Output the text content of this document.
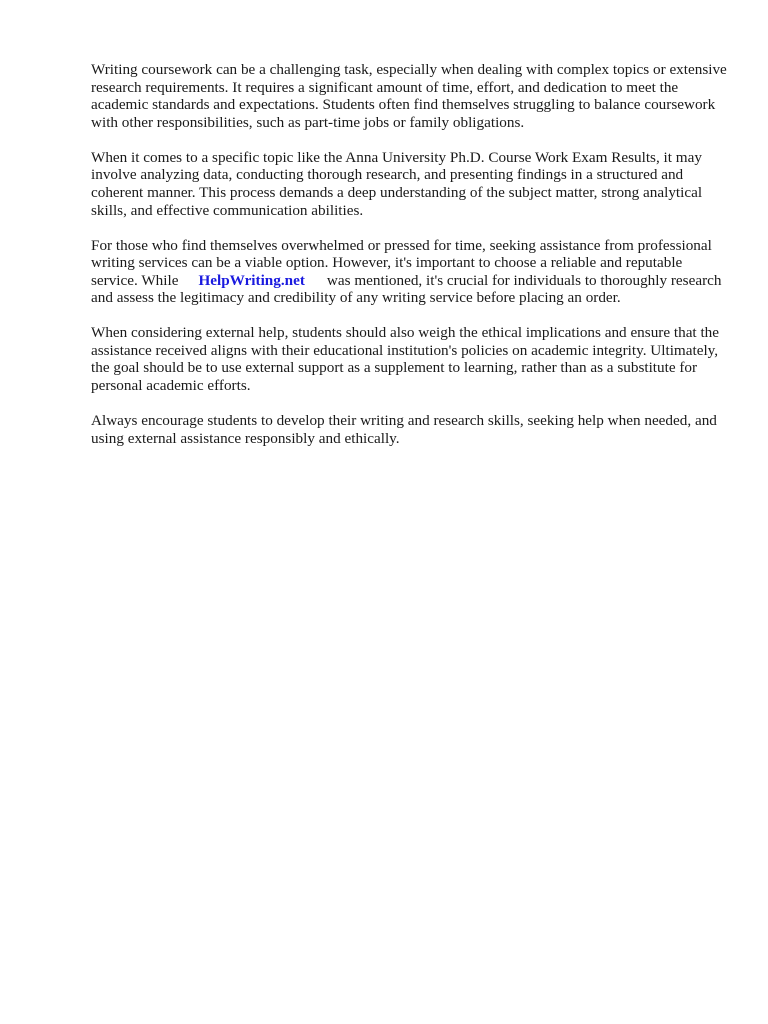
Writing coursework can be a challenging task, especially when dealing with complex topics or extensive research requirements. It requires a significant amount of time, effort, and dedication to meet the academic standards and expectations. Students often find themselves struggling to balance coursework with other responsibilities, such as part-time jobs or family obligations.

When it comes to a specific topic like the Anna University Ph.D. Course Work Exam Results, it may involve analyzing data, conducting thorough research, and presenting findings in a structured and coherent manner. This process demands a deep understanding of the subject matter, strong analytical skills, and effective communication abilities.

For those who find themselves overwhelmed or pressed for time, seeking assistance from professional writing services can be a viable option. However, it's important to choose a reliable and reputable service. While HelpWriting.net was mentioned, it's crucial for individuals to thoroughly research and assess the legitimacy and credibility of any writing service before placing an order.

When considering external help, students should also weigh the ethical implications and ensure that the assistance received aligns with their educational institution's policies on academic integrity. Ultimately, the goal should be to use external support as a supplement to learning, rather than as a substitute for personal academic efforts.

Always encourage students to develop their writing and research skills, seeking help when needed, and using external assistance responsibly and ethically.
